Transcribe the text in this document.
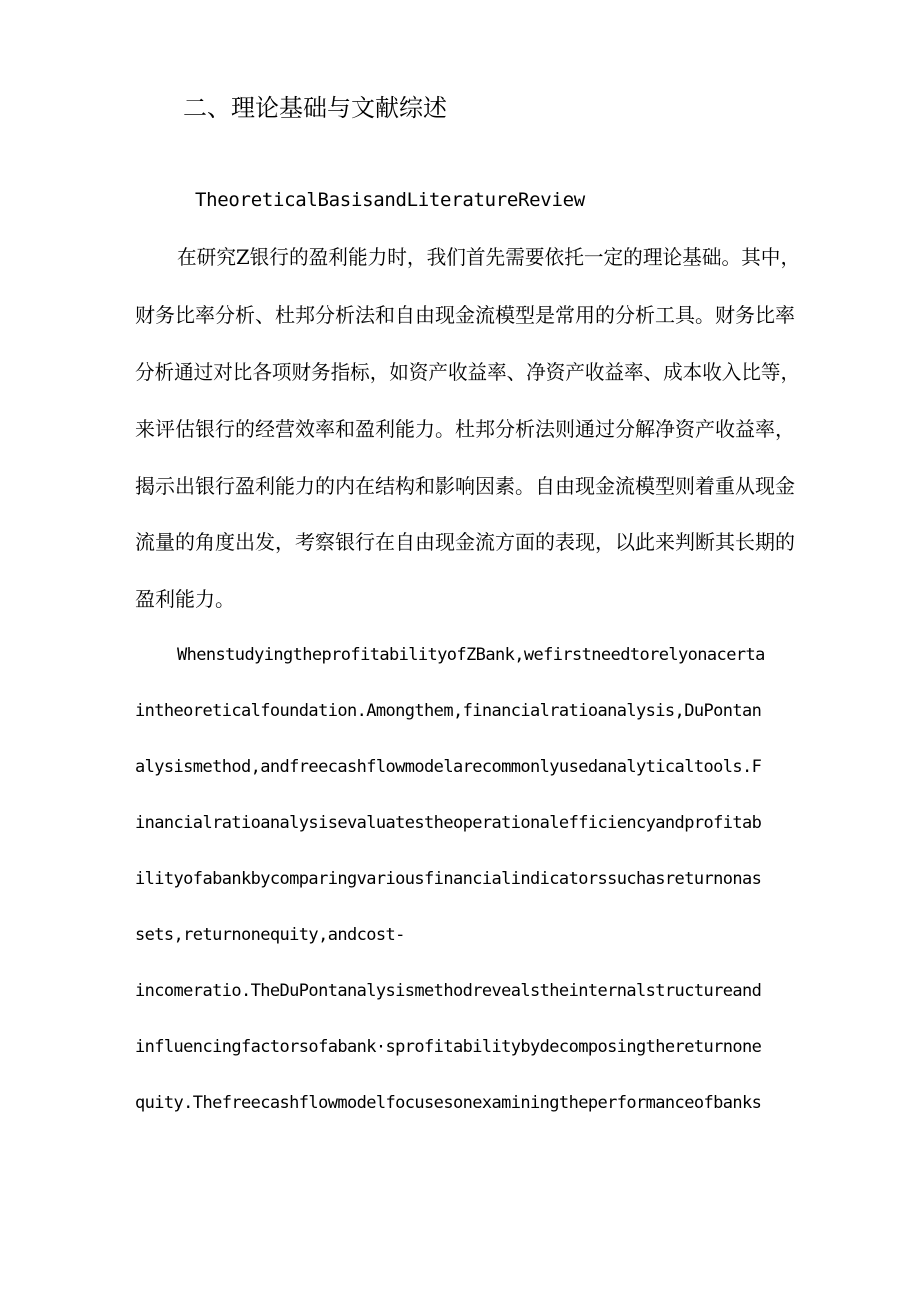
二、理论基础与文献综述
TheoreticalBasisandLiteratureReview
在研究Z银行的盈利能力时，我们首先需要依托一定的理论基础。其中，
财务比率分析、杜邦分析法和自由现金流模型是常用的分析工具。财务比率
分析通过对比各项财务指标，如资产收益率、净资产收益率、成本收入比等，
来评估银行的经营效率和盈利能力。杜邦分析法则通过分解净资产收益率，
揭示出银行盈利能力的内在结构和影响因素。自由现金流模型则着重从现金
流量的角度出发，考察银行在自由现金流方面的表现，以此来判断其长期的
盈利能力。
WhenstudyingtheprofitabilityofZBank,wefirstneedtorelyonacerta
intheoreticalfoundation.Amongthem,financialratioanalysis,DuPontan
alysismethod,andfreecashflowmodelarecommonlyusedanalyticaltools.F
inancialratioanalysisevaluatestheoperationalefficiencyandprofitab
ilityofabankbycomparingvariousfinancialindicatorssuchasreturnonas
sets,returnonequity,andcost-
incomeratio.TheDuPontanalysismethodrevealstheinternalstructureand
influencingfactorsofabank·sprofitabilitybydecomposingthereturnone
quity.Thefreecashflowmodelfocusesonexaminingtheperformanceofbanks
